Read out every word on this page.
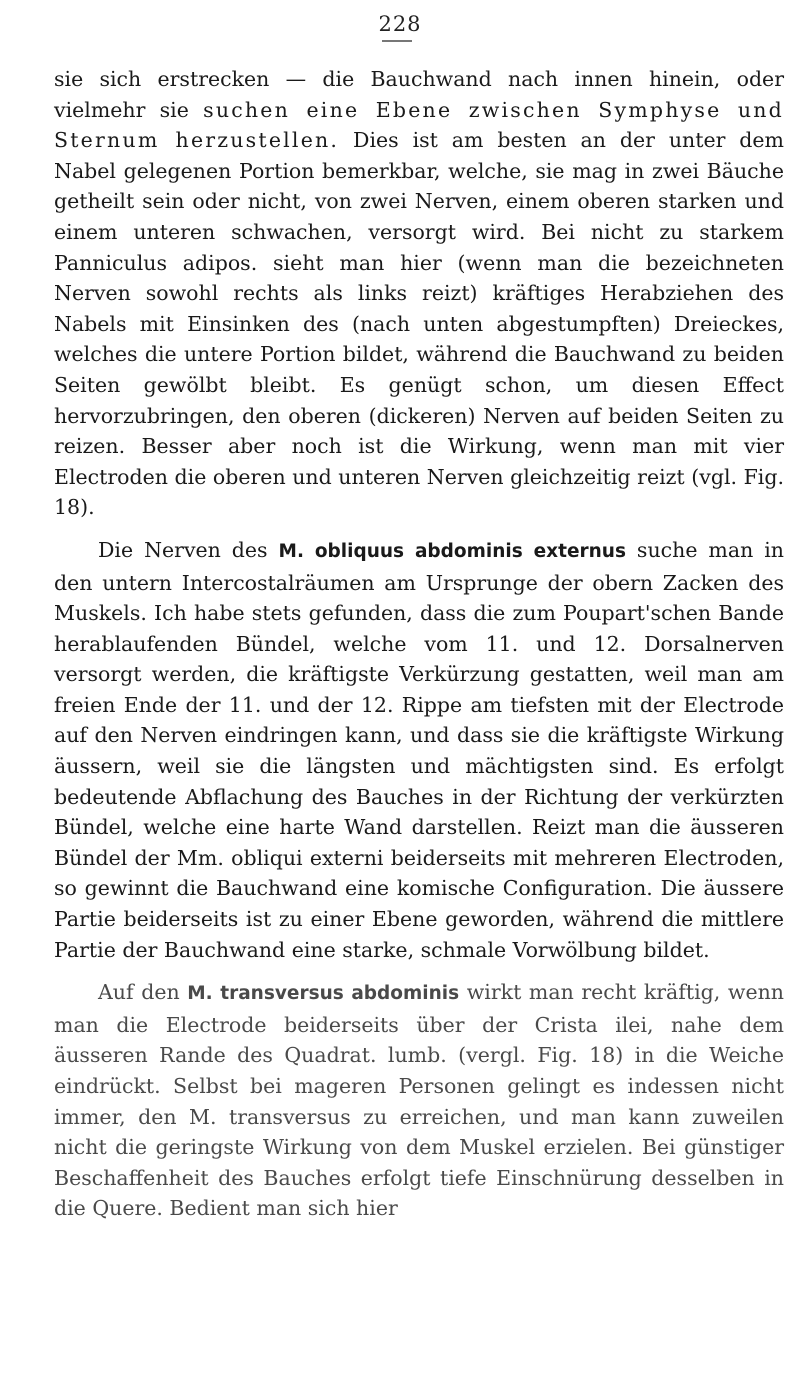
228

sie sich erstrecken — die Bauchwand nach innen hinein, oder vielmehr sie suchen eine Ebene zwischen Symphyse und Sternum herzustellen. Dies ist am besten an der unter dem Nabel gelegenen Portion bemerkbar, welche, sie mag in zwei Bäuche getheilt sein oder nicht, von zwei Nerven, einem oberen starken und einem unteren schwachen, versorgt wird. Bei nicht zu starkem Panniculus adipos. sieht man hier (wenn man die bezeichneten Nerven sowohl rechts als links reizt) kräftiges Herabziehen des Nabels mit Einsinken des (nach unten abgestumpften) Dreieckes, welches die untere Portion bildet, während die Bauchwand zu beiden Seiten gewölbt bleibt. Es genügt schon, um diesen Effect hervorzubringen, den oberen (dickeren) Nerven auf beiden Seiten zu reizen. Besser aber noch ist die Wirkung, wenn man mit vier Electroden die oberen und unteren Nerven gleichzeitig reizt (vgl. Fig. 18).

Die Nerven des M. obliquus abdominis externus suche man in den untern Intercostalräumen am Ursprunge der obern Zacken des Muskels. Ich habe stets gefunden, dass die zum Poupart'schen Bande herablaufenden Bündel, welche vom 11. und 12. Dorsalnerven versorgt werden, die kräftigste Verkürzung gestatten, weil man am freien Ende der 11. und der 12. Rippe am tiefsten mit der Electrode auf den Nerven eindringen kann, und dass sie die kräftigste Wirkung äussern, weil sie die längsten und mächtigsten sind. Es erfolgt bedeutende Abflachung des Bauches in der Richtung der verkürzten Bündel, welche eine harte Wand darstellen. Reizt man die äusseren Bündel der Mm. obliqui externi beiderseits mit mehreren Electroden, so gewinnt die Bauchwand eine komische Configuration. Die äussere Partie beiderseits ist zu einer Ebene geworden, während die mittlere Partie der Bauchwand eine starke, schmale Vorwölbung bildet.

Auf den M. transversus abdominis wirkt man recht kräftig, wenn man die Electrode beiderseits über der Crista ilei, nahe dem äusseren Rande des Quadrat. lumb. (vergl. Fig. 18) in die Weiche eindrückt. Selbst bei mageren Personen gelingt es indessen nicht immer, den M. transversus zu erreichen, und man kann zuweilen nicht die geringste Wirkung von dem Muskel erzielen. Bei günstiger Beschaffenheit des Bauches erfolgt tiefe Einschnürung desselben in die Quere. Bedient man sich hier
